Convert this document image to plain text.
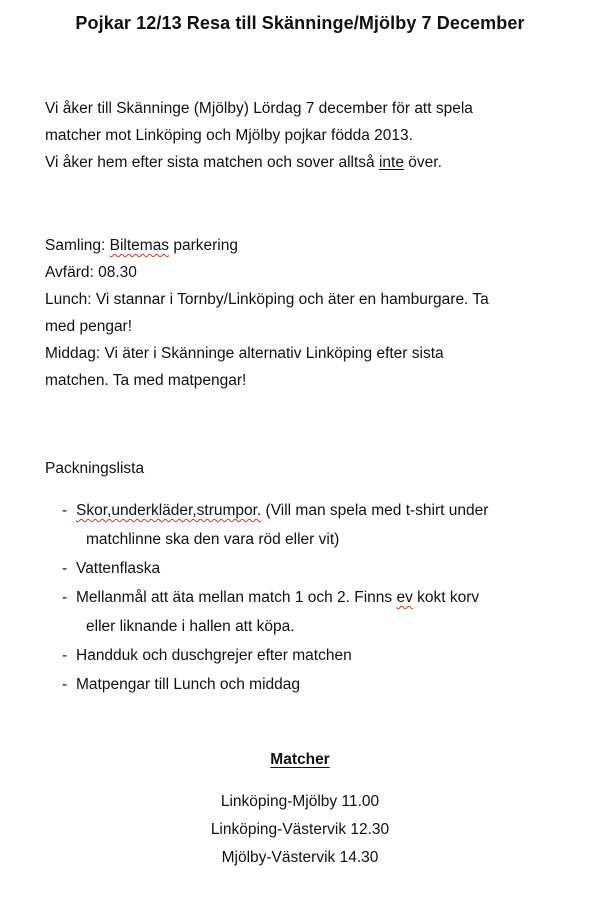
Pojkar 12/13 Resa till Skänninge/Mjölby 7 December

Vi åker till Skänninge (Mjölby) Lördag 7 december för att spela

matcher mot Linköping och Mjölby pojkar födda 2013.

Vi åker hem efter sista matchen och sover alltså inte över.

Samling: Biltemas parkering

Avfärd: 08.30

Lunch: Vi stannar i Tornby/Linköping och äter en hamburgare. Ta

med pengar!

Middag: Vi äter i Skänninge alternativ Linköping efter sista

matchen. Ta med matpengar!

Packningslista
- Skor,underkläder,strumpor. (Vill man spela med t-shirt under
matchlinne ska den vara röd eller vit)
- Vattenflaska
- Mellanmål att äta mellan match 1 och 2. Finns ev kokt korv
eller liknande i hallen att köpa.
- Handduk och duschgrejer efter matchen
- Matpengar till Lunch och middag
Matcher
Linköping-Mjölby 11.00
Linköping-Västervik 12.30
Mjölby-Västervik 14.30
